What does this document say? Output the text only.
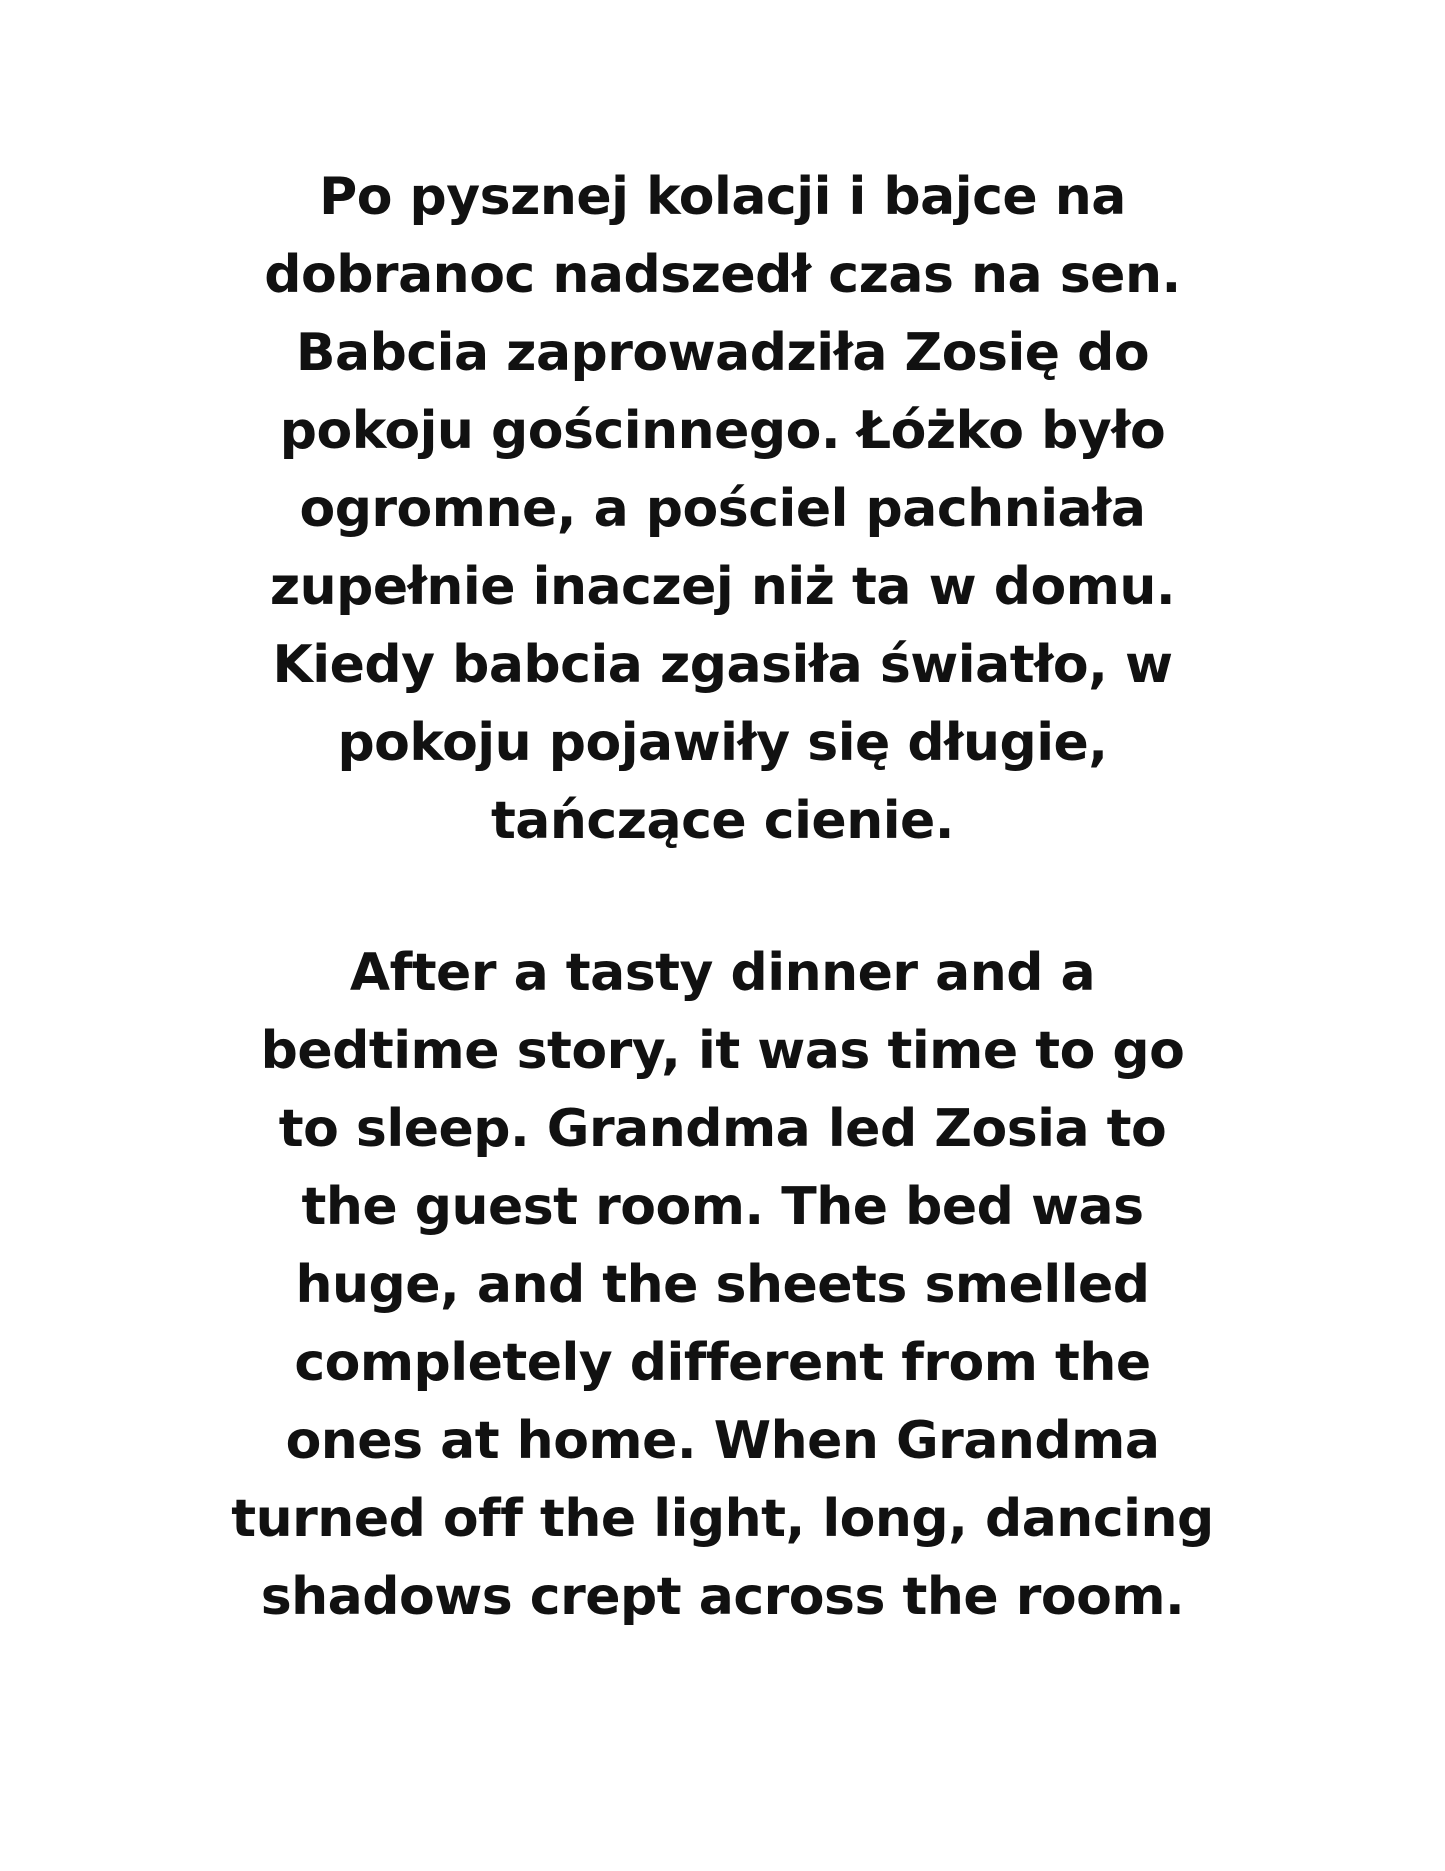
Po pysznej kolacji i bajce na
dobranoc nadszedł czas na sen.
Babcia zaprowadziła Zosię do
pokoju gościnnego. Łóżko było
ogromne, a pościel pachniała
zupełnie inaczej niż ta w domu.
Kiedy babcia zgasiła światło, w
pokoju pojawiły się długie,
tańczące cienie.
After a tasty dinner and a
bedtime story, it was time to go
to sleep. Grandma led Zosia to
the guest room. The bed was
huge, and the sheets smelled
completely different from the
ones at home. When Grandma
turned off the light, long, dancing
shadows crept across the room.
